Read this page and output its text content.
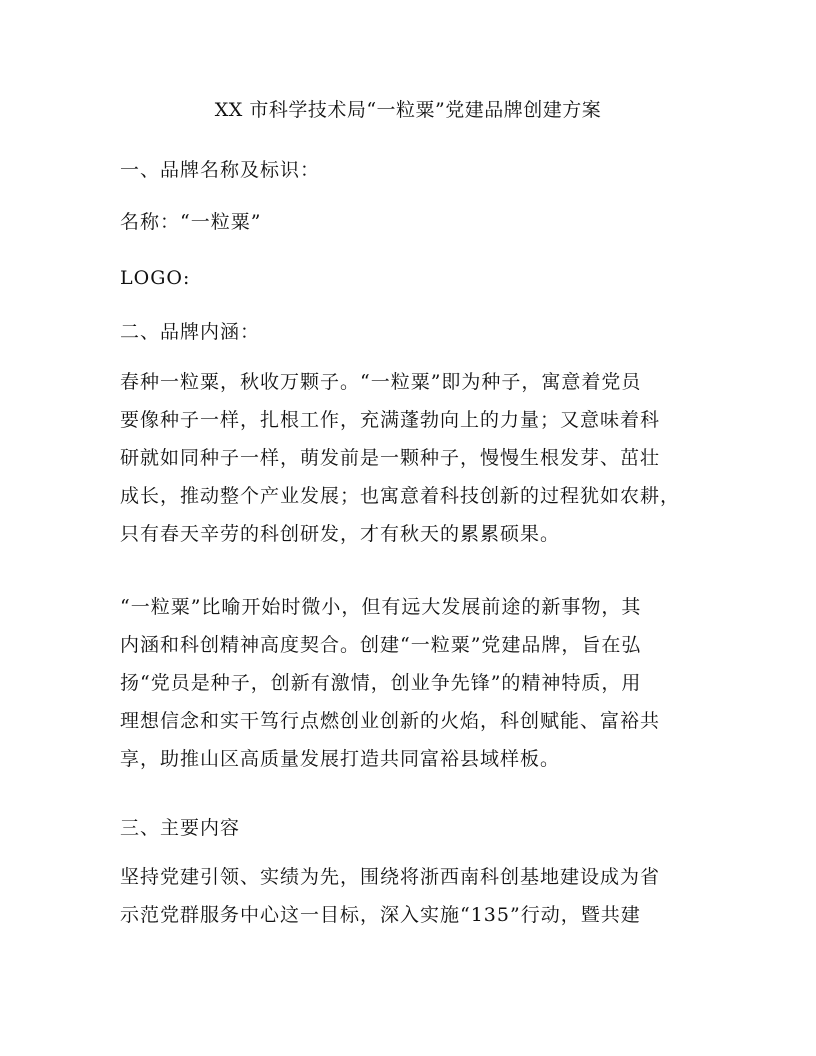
XX 市科学技术局“一粒粟”党建品牌创建方案
一、品牌名称及标识：
名称：“一粒粟”
LOGO:
二、品牌内涵：
春种一粒粟，秋收万颗子。“一粒粟”即为种子，寓意着党员
要像种子一样，扎根工作，充满蓬勃向上的力量；又意味着科
研就如同种子一样，萌发前是一颗种子，慢慢生根发芽、茁壮
成长，推动整个产业发展；也寓意着科技创新的过程犹如农耕，
只有春天辛劳的科创研发，才有秋天的累累硕果。
“一粒粟”比喻开始时微小，但有远大发展前途的新事物，其
内涵和科创精神高度契合。创建“一粒粟”党建品牌，旨在弘
扬“党员是种子，创新有激情，创业争先锋”的精神特质，用
理想信念和实干笃行点燃创业创新的火焰，科创赋能、富裕共
享，助推山区高质量发展打造共同富裕县域样板。
三、主要内容
坚持党建引领、实绩为先，围绕将浙西南科创基地建设成为省
示范党群服务中心这一目标，深入实施“135”行动，暨共建
